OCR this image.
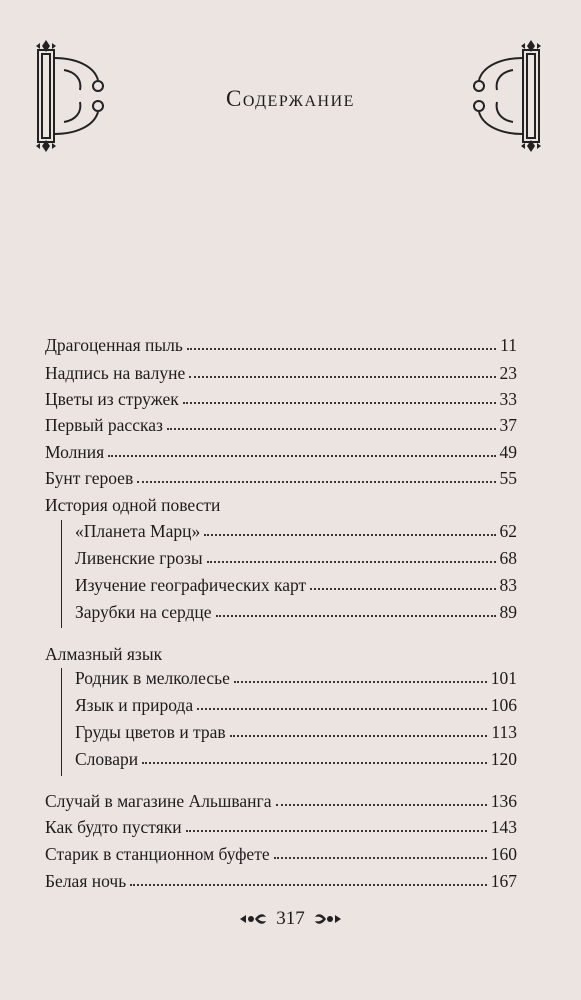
Содержание
Драгоценная пыль	11
Надпись на валуне	23
Цветы из стружек	33
Первый рассказ	37
Молния	49
Бунт героев	55
История одной повести
«Планета Марц»	62
Ливенские грозы	68
Изучение географических карт	83
Зарубки на сердце	89
Алмазный язык
Родник в мелколесье	101
Язык и природа	106
Груды цветов и трав	113
Словари	120
Случай в магазине Альшванга	136
Как будто пустяки	143
Старик в станционном буфете	160
Белая ночь	167
317
